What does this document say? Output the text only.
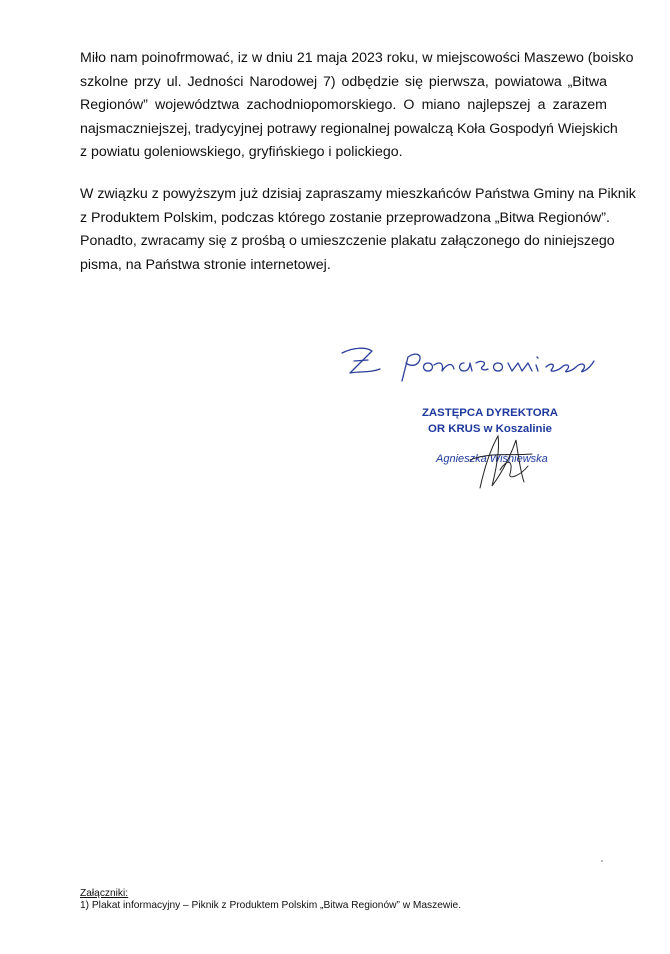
Miło nam poinofrmować, iz w dniu 21 maja 2023 roku, w miejscowości Maszewo (boisko
szkolne przy ul. Jedności Narodowej 7) odbędzie się pierwsza, powiatowa „Bitwa
Regionów” województwa zachodniopomorskiego. O miano najlepszej a zarazem
najsmaczniejszej, tradycyjnej potrawy regionalnej powalczą Koła Gospodyń Wiejskich
z powiatu goleniowskiego, gryfińskiego i polickiego.
W związku z powyższym już dzisiaj zapraszamy mieszkańców Państwa Gminy na Piknik
z Produktem Polskim, podczas którego zostanie przeprowadzona „Bitwa Regionów”.
Ponadto, zwracamy się z prośbą o umieszczenie plakatu załączonego do niniejszego
pisma, na Państwa stronie internetowej.
ZASTĘPCA DYREKTORA
OR KRUS w Koszalinie
Agnieszka Wiśniewska
Załączniki:
1) Plakat informacyjny – Piknik z Produktem Polskim „Bitwa Regionów” w Maszewie.
